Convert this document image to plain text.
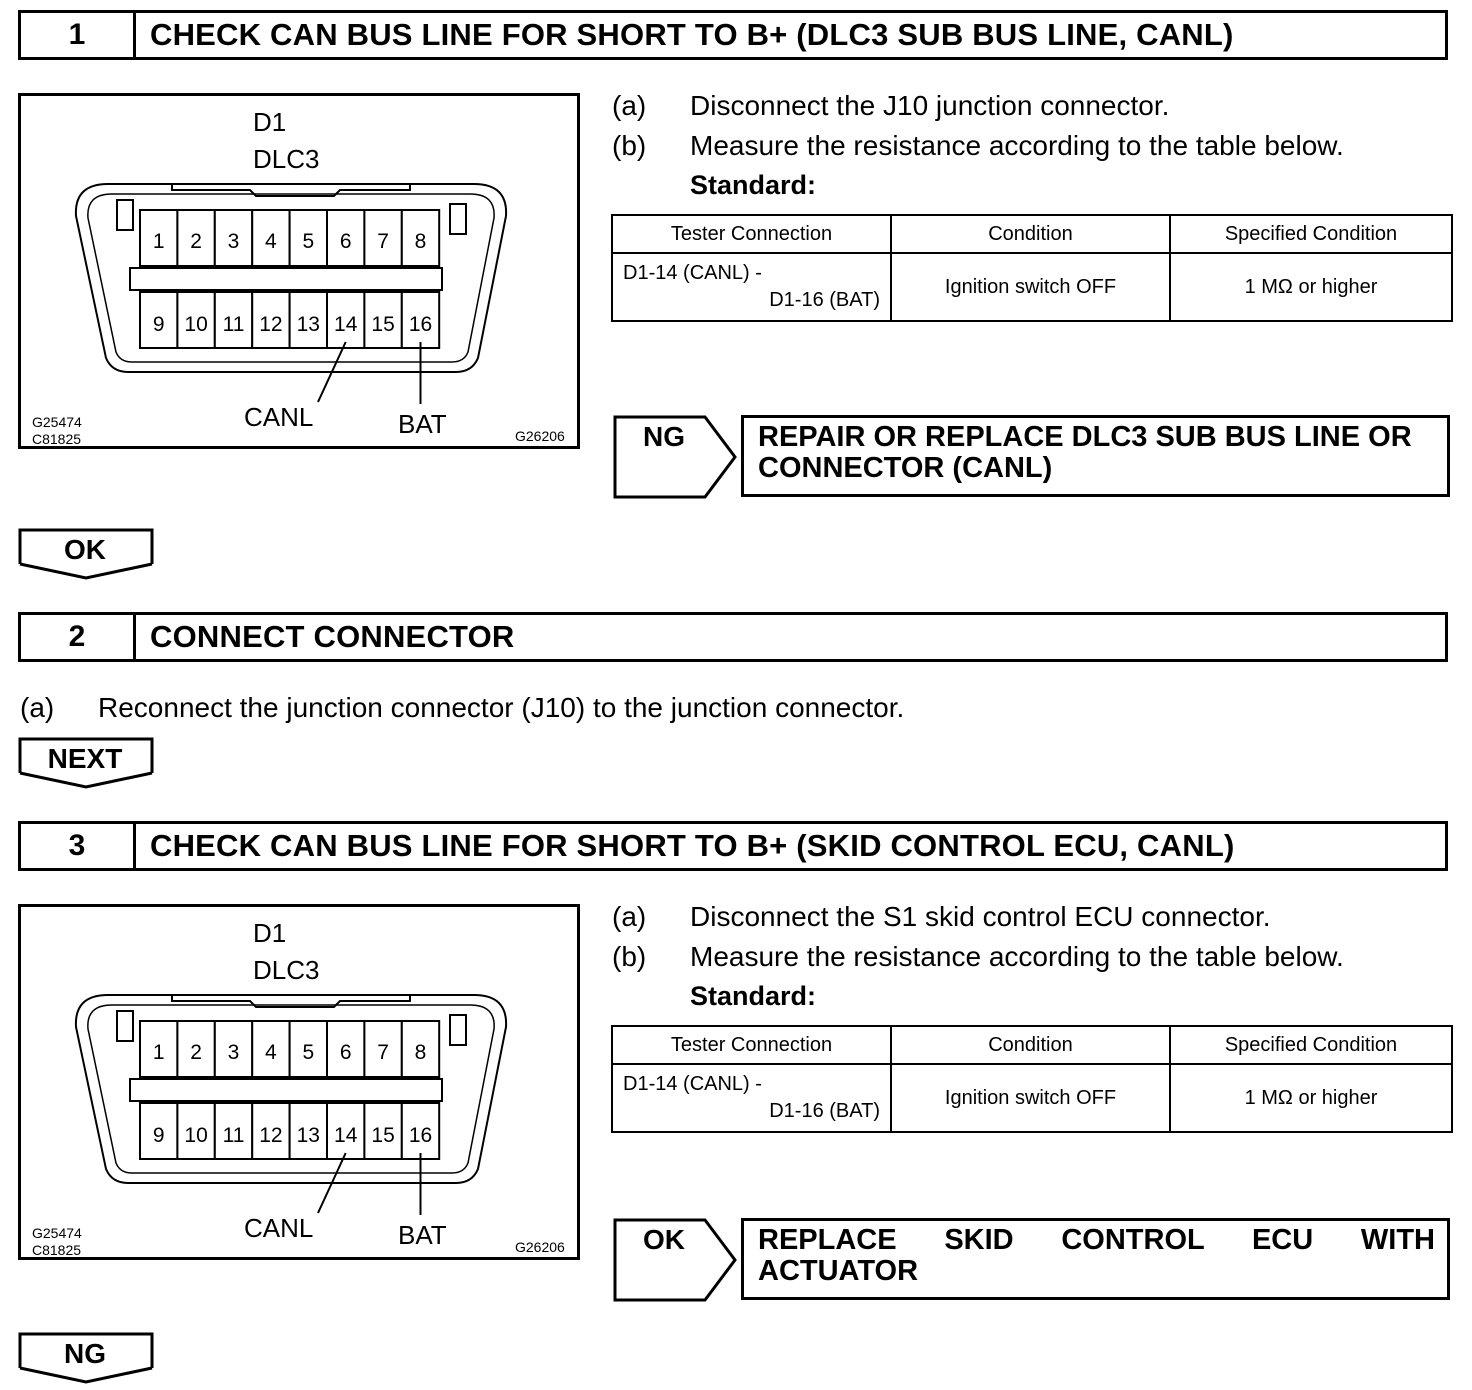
1	CHECK CAN BUS LINE FOR SHORT TO B+ (DLC3 SUB BUS LINE, CANL)
1
9
2
10
3
11
4
12
5
13
6
14
7
15
8
16
D1
DLC3
CANL	BAT
G25474
C81825	G26206
(a) Disconnect the J10 junction connector.
(b) Measure the resistance according to the table below.
Standard:
Tester Connection	Condition	Specified Condition

D1-14 (CANL) -
D1-16 (BAT)	Ignition switch OFF	1 MΩ or higher
NG	REPAIR OR REPLACE DLC3 SUB BUS LINE OR CONNECTOR (CANL)
OK
2	CONNECT CONNECTOR
(a) Reconnect the junction connector (J10) to the junction connector.
NEXT
3	CHECK CAN BUS LINE FOR SHORT TO B+ (SKID CONTROL ECU, CANL)
1
9
2
10
3
11
4
12
5
13
6
14
7
15
8
16
D1
DLC3
CANL	BAT
G25474
C81825	G26206
(a) Disconnect the S1 skid control ECU connector.
(b) Measure the resistance according to the table below.
Standard:
Tester Connection	Condition	Specified Condition

D1-14 (CANL) -
D1-16 (BAT)	Ignition switch OFF	1 MΩ or higher
OK	REPLACE SKID CONTROL ECU WITH ACTUATOR
NG
